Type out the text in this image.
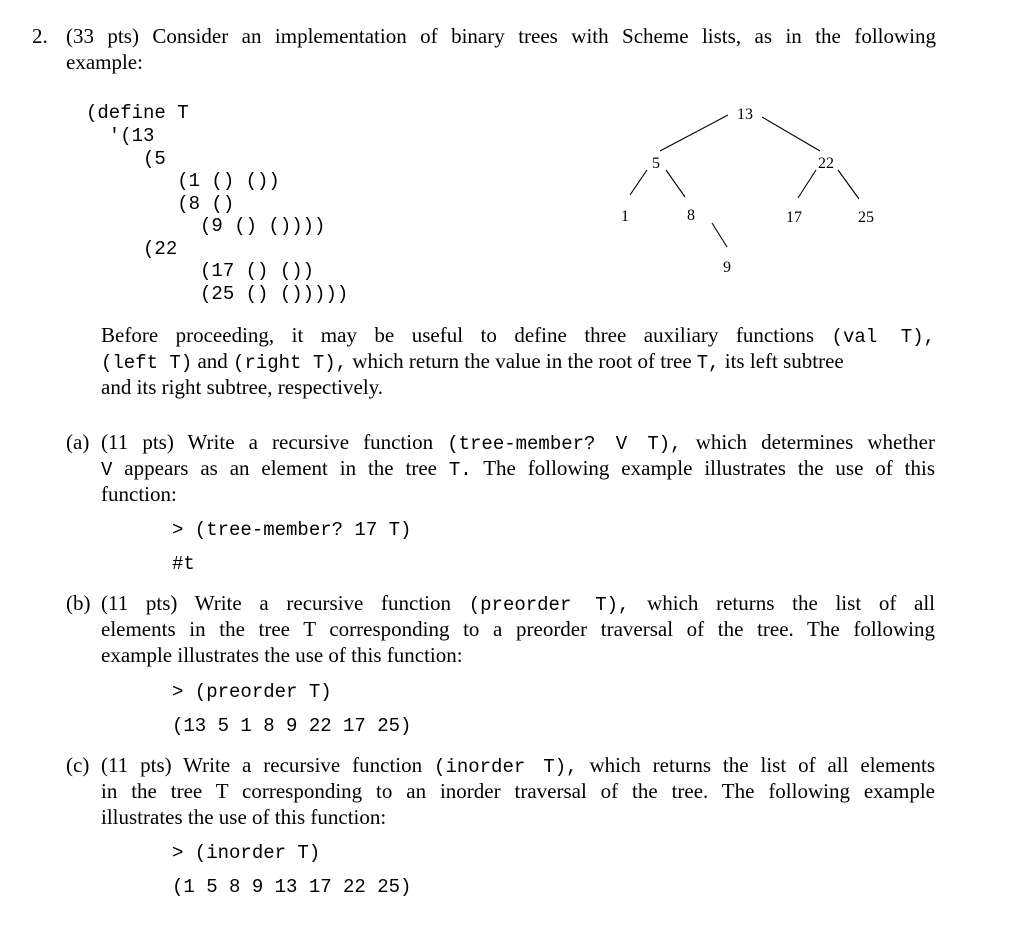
2. (33 pts) Consider an implementation of binary trees with Scheme lists, as in the following
example:
(define T
'(13
(5
(1 () ())
(8 ()
(9 () ())))
(22
(17 () ())
(25 () ()))))
13
5	22
1	8
9
17	25
Before proceeding, it may be useful to define three auxiliary functions (val T),
(left T) and (right T), which return the value in the root of tree T, its left subtree
and its right subtree, respectively.
(a) (11 pts) Write a recursive function (tree-member? V T), which determines whether
V appears as an element in the tree T. The following example illustrates the use of this
function:
> (tree-member? 17 T)
#t
(b) (11 pts) Write a recursive function (preorder T), which returns the list of all
elements in the tree T corresponding to a preorder traversal of the tree. The following
example illustrates the use of this function:
> (preorder T)
(13 5 1 8 9 22 17 25)
(c) (11 pts) Write a recursive function (inorder T), which returns the list of all elements
in the tree T corresponding to an inorder traversal of the tree. The following example
illustrates the use of this function:
> (inorder T)
(1 5 8 9 13 17 22 25)
